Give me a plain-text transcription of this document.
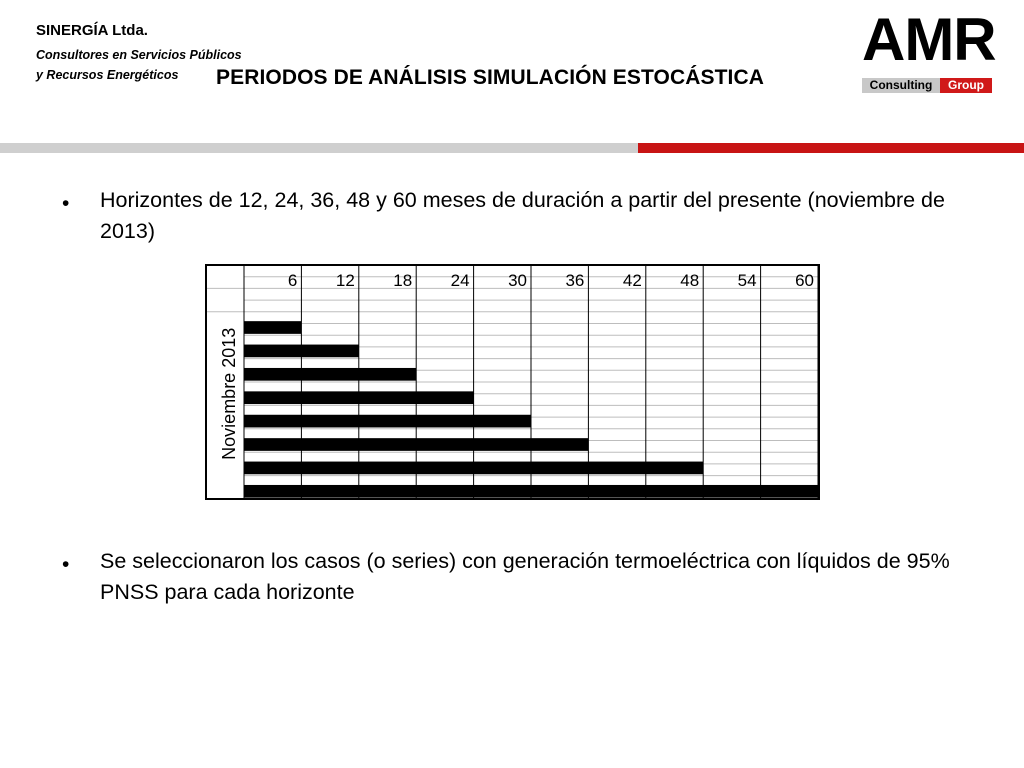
SINERGÍA Ltda.
Consultores en Servicios Públicos
y Recursos Energéticos PERIODOS DE ANÁLISIS SIMULACIÓN ESTOCÁSTICA
AMR
Consulting	Group
• Horizontes de 12, 24, 36, 48 y 60 meses de duración a partir del presente (noviembre de 2013)
6 12 18 24 30 36 42 48 54 60
Noviembre 2013
• Se seleccionaron los casos (o series) con generación termoeléctrica con líquidos de 95% PNSS para cada horizonte
